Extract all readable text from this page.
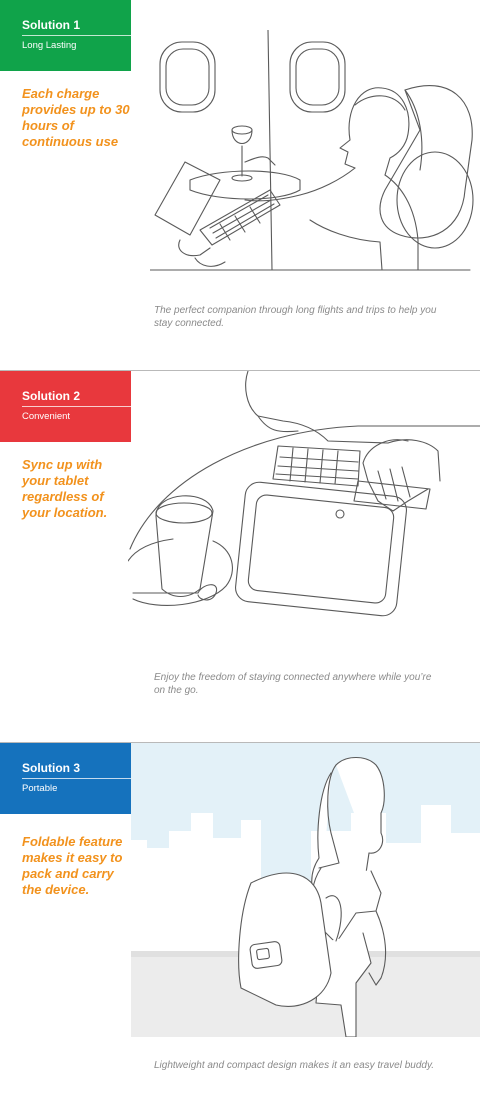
Solution 1
Long Lasting
Each charge provides up to 30 hours of continuous use
The perfect companion through long flights and trips to help you stay connected.
Solution 2
Convenient
Sync up with your tablet regardless of your location.
Enjoy the freedom of staying connected anywhere while you’re on the go.
Solution 3
Portable
Foldable feature makes it easy to pack and carry the device.
Lightweight and compact design makes it an easy travel buddy.
